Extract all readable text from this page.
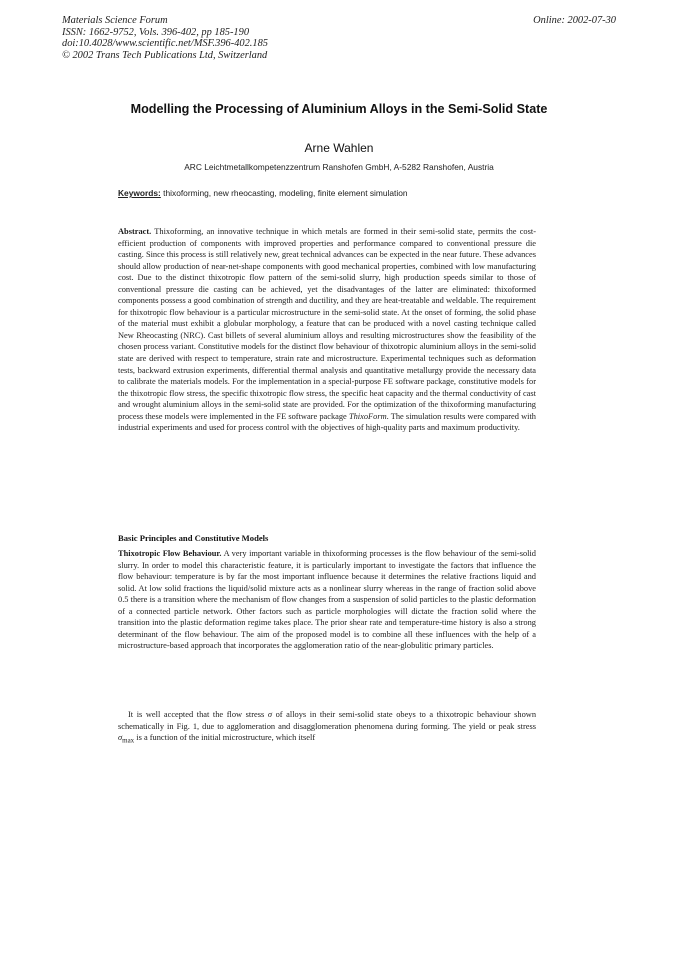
Materials Science Forum
ISSN: 1662-9752, Vols. 396-402, pp 185-190
doi:10.4028/www.scientific.net/MSF.396-402.185
© 2002 Trans Tech Publications Ltd, Switzerland
Online: 2002-07-30
Modelling the Processing of Aluminium Alloys in the Semi-Solid State
Arne Wahlen
ARC Leichtmetallkompetenzzentrum Ranshofen GmbH, A-5282 Ranshofen, Austria
Keywords: thixoforming, new rheocasting, modeling, finite element simulation
Abstract. Thixoforming, an innovative technique in which metals are formed in their semi-solid state, permits the cost-efficient production of components with improved properties and performance compared to conventional pressure die casting. Since this process is still relatively new, great technical advances can be expected in the near future. These advances should allow production of near-net-shape components with good mechanical properties, combined with low manufacturing cost. Due to the distinct thixotropic flow pattern of the semi-solid slurry, high production speeds similar to those of conventional pressure die casting can be achieved, yet the disadvantages of the latter are eliminated: thixoformed components possess a good combination of strength and ductility, and they are heat-treatable and weldable. The requirement for thixotropic flow behaviour is a particular microstructure in the semi-solid state. At the onset of forming, the solid phase of the material must exhibit a globular morphology, a feature that can be produced with a novel casting technique called New Rheocasting (NRC). Cast billets of several aluminium alloys and resulting microstructures show the feasibility of the chosen process variant. Constitutive models for the distinct flow behaviour of thixotropic aluminium alloys in the semi-solid state are derived with respect to temperature, strain rate and microstructure. Experimental techniques such as deformation tests, backward extrusion experiments, differential thermal analysis and quantitative metallurgy provide the necessary data to calibrate the materials models. For the implementation in a special-purpose FE software package, constitutive models for the thixotropic flow stress, the specific thixotropic flow stress, the specific heat capacity and the thermal conductivity of cast and wrought aluminium alloys in the semi-solid state are provided. For the optimization of the thixoforming manufacturing process these models were implemented in the FE software package ThixoForm. The simulation results were compared with industrial experiments and used for process control with the objectives of high-quality parts and maximum productivity.
Basic Principles and Constitutive Models
Thixotropic Flow Behaviour. A very important variable in thixoforming processes is the flow behaviour of the semi-solid slurry. In order to model this characteristic feature, it is particularly important to investigate the factors that influence the flow behaviour: temperature is by far the most important influence because it determines the relative fractions liquid and solid. At low solid fractions the liquid/solid mixture acts as a nonlinear slurry whereas in the range of fraction solid above 0.5 there is a transition where the mechanism of flow changes from a suspension of solid particles to the plastic deformation of a connected particle network. Other factors such as particle morphologies will dictate the fraction solid where the transition into the plastic deformation regime takes place. The prior shear rate and temperature-time history is also a strong determinant of the flow behaviour. The aim of the proposed model is to combine all these influences with the help of a microstructure-based approach that incorporates the agglomeration ratio of the near-globulitic primary particles.
It is well accepted that the flow stress σ of alloys in their semi-solid state obeys to a thixotropic behaviour shown schematically in Fig. 1, due to agglomeration and disagglomeration phenomena during forming. The yield or peak stress $\sigma_{max}$ is a function of the initial microstructure, which itself
